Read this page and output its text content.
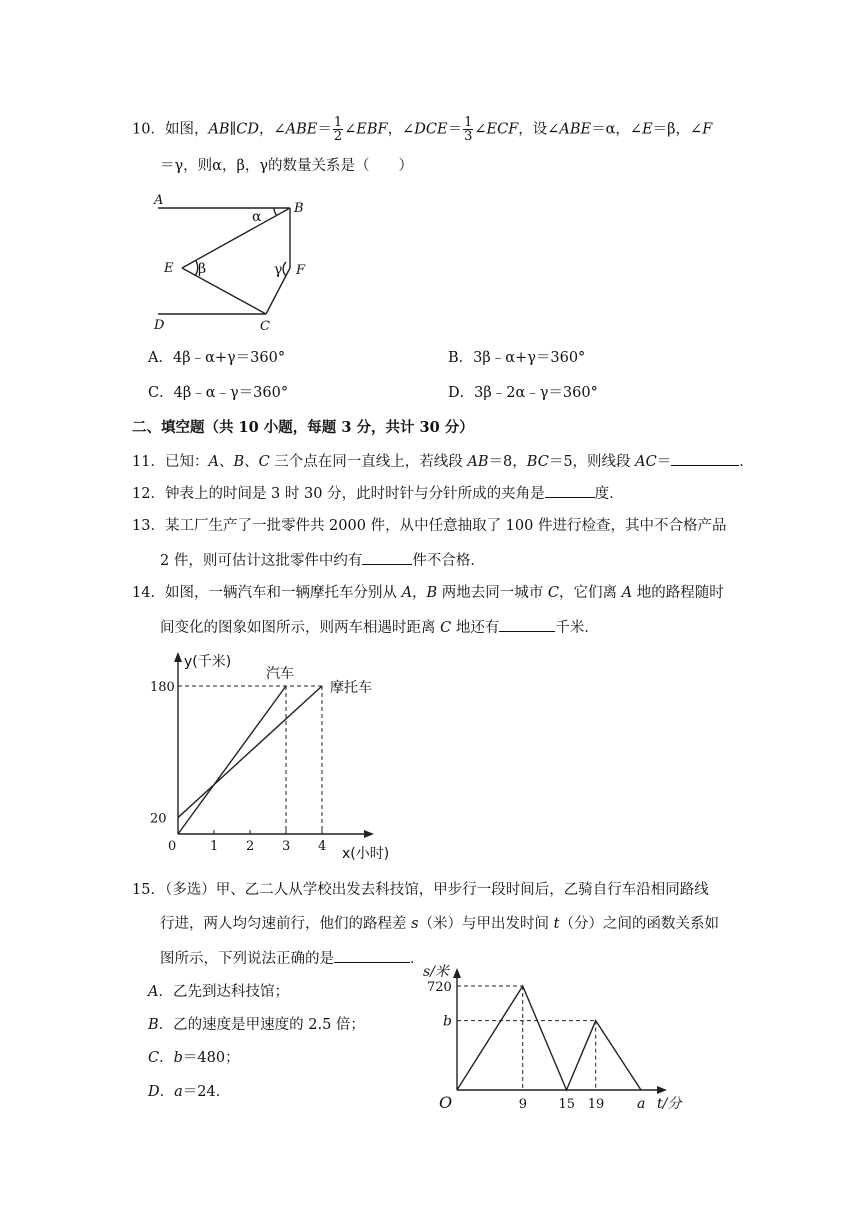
10．如图，AB∥CD，∠ABE＝ $\frac{1}{2}$ ∠EBF，∠DCE＝ $\frac{1}{3}$ ∠ECF，设∠ABE＝α，∠E＝β，∠F
＝γ，则α，β，γ的数量关系是（　　）
A
B
E	F
D	C
α
β	γ
A．4β﹣α+γ＝360°	B．3β﹣α+γ＝360°
C．4β﹣α﹣γ＝360°	D．3β﹣2α﹣γ＝360°
二、填空题（共 10 小题，每题 3 分，共计 30 分）
11．已知：A、B、C 三个点在同一直线上，若线段 AB＝8，BC＝5，则线段 AC＝	．
12．钟表上的时间是 3 时 30 分，此时时针与分针所成的夹角是	度．
13．某工厂生产了一批零件共 2000 件，从中任意抽取了 100 件进行检查，其中不合格产品
2 件，则可估计这批零件中约有	件不合格．
14．如图，一辆汽车和一辆摩托车分别从 A，B 两地去同一城市 C，它们离 A 地的路程随时
间变化的图象如图所示，则两车相遇时距离 C 地还有	千米．
y(千米)
x(小时)
0	1 2 3 4
180
20
汽车
摩托车
15．（多选）甲、乙二人从学校出发去科技馆，甲步行一段时间后，乙骑自行车沿相同路线
行进，两人均匀速前行，他们的路程差 s（米）与甲出发时间 t（分）之间的函数关系如
图所示，下列说法正确的是	．
A．乙先到达科技馆；
B．乙的速度是甲速度的 2.5 倍；
C．b＝480；
D．a＝24．
s/米
t/分
O
720
b
9 15 19 a
